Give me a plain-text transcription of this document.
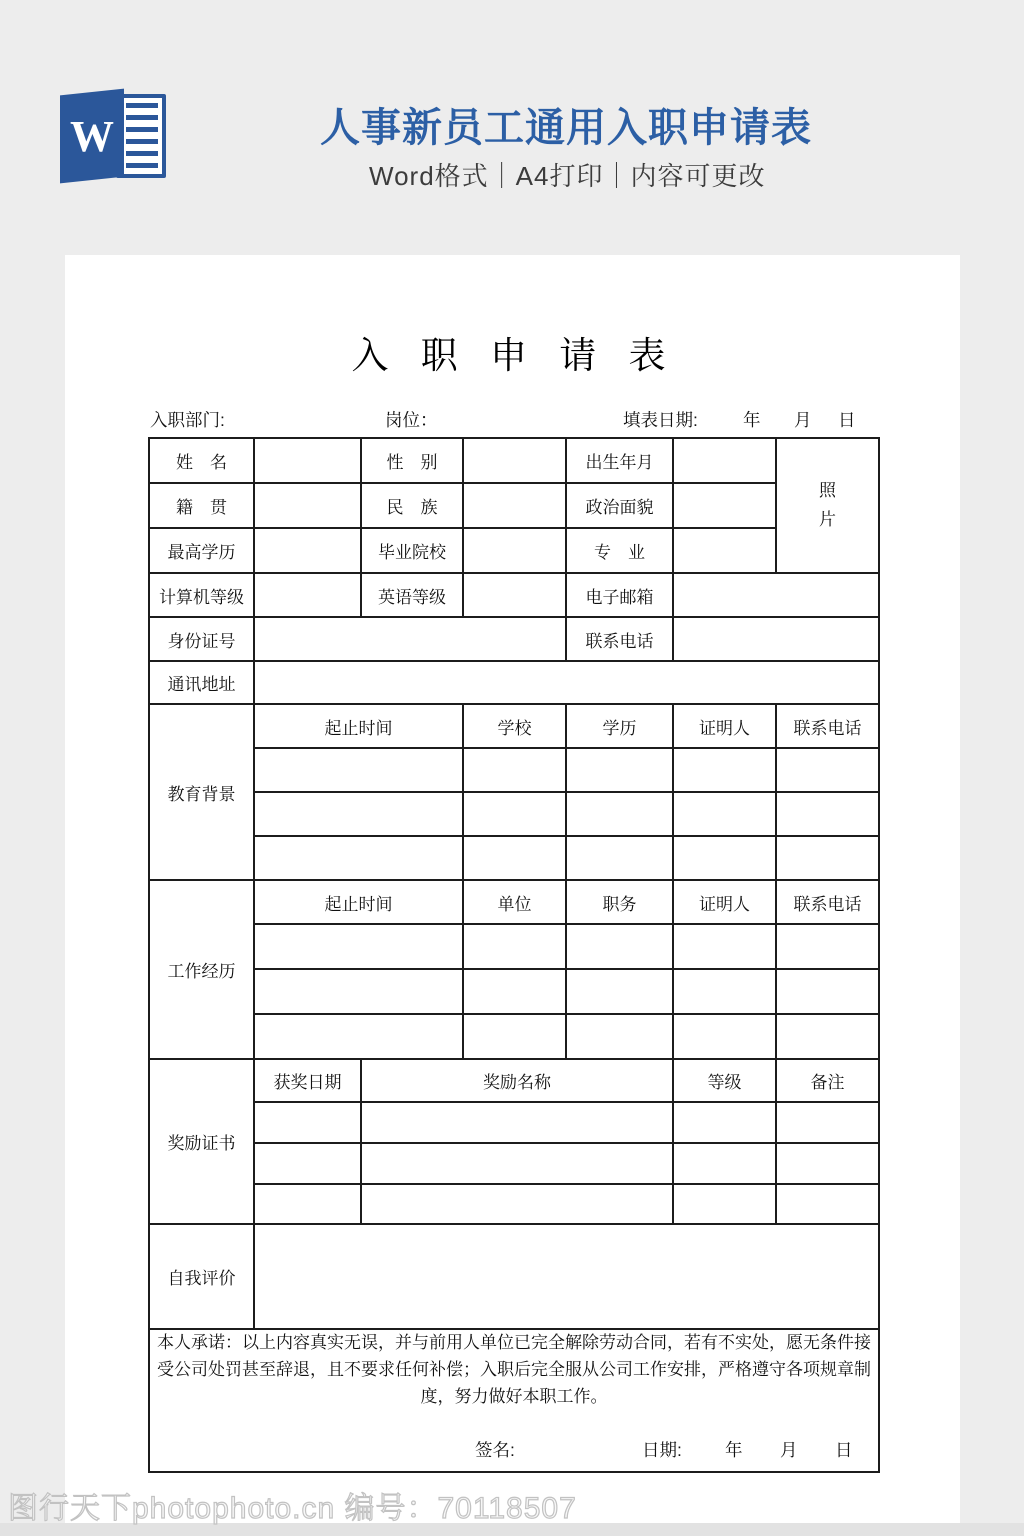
W	人事新员工通用入职申请表
Word格式｜A4打印｜内容可更改
入 职 申 请 表
入职部门:	岗位：	填表日期:	年 月 日
姓　名		性　别		出生年月		照片
籍　贯		民　族		政治面貌		
最高学历		毕业院校		专　业		
计算机等级		英语等级		电子邮箱		
身份证号				联系电话		
通讯地址						
教育背景	起止时间		学校	学历	证明人	联系电话

工作经历	起止时间		单位	职务	证明人	联系电话

奖励证书	获奖日期	奖励名称			等级	备注

自我评价						

本人承诺：以上内容真实无误，并与前用人单位已完全解除劳动合同，若有不实处，愿无条件接受公司处罚甚至辞退，且不要求任何补偿；入职后完全服从公司工作安排，严格遵守各项规章制度，努力做好本职工作。
签名:	日期: 年 月 日
图行天下photophoto.cn 编号：70118507
